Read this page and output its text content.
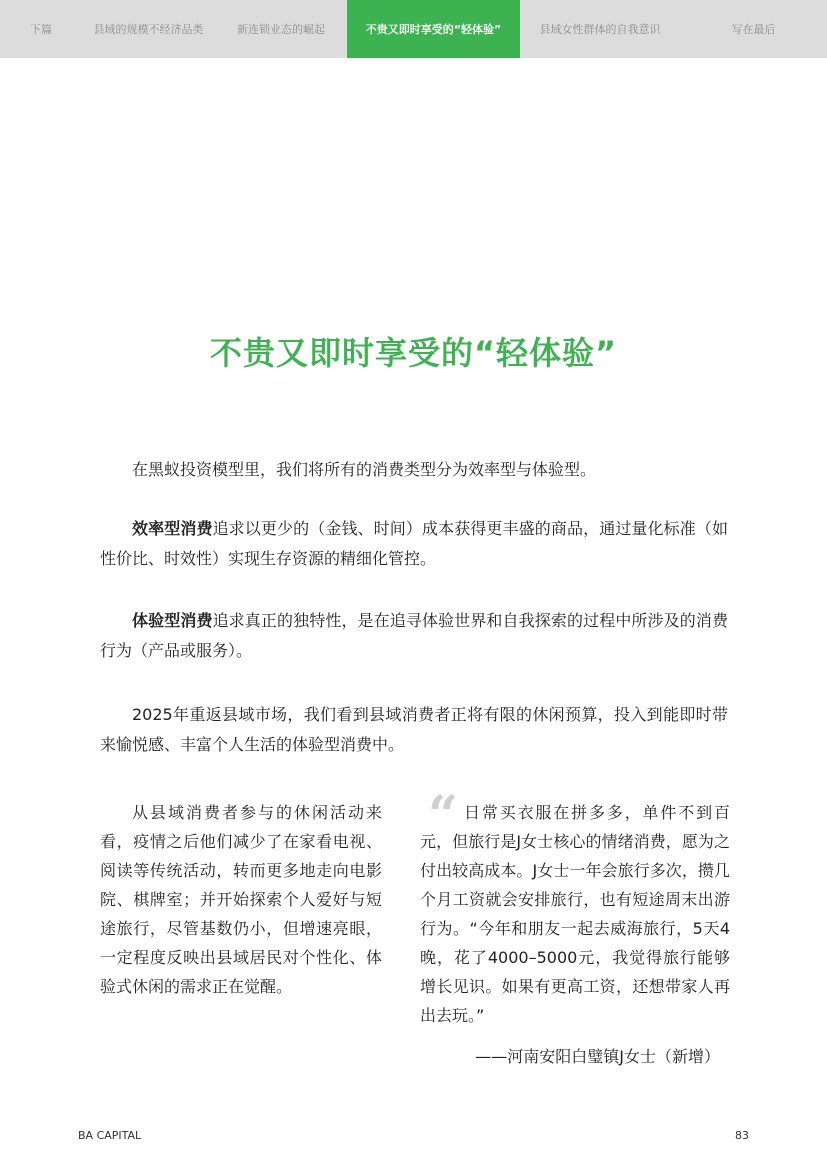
下篇	县域的规模不经济品类	新连锁业态的崛起	不贵又即时享受的“轻体验”	县域女性群体的自我意识	写在最后
不贵又即时享受的“轻体验”

在黑蚁投资模型里，我们将所有的消费类型分为效率型与体验型。

效率型消费追求以更少的（金钱、时间）成本获得更丰盛的商品，通过量化标准（如性价比、时效性）实现生存资源的精细化管控。

体验型消费追求真正的独特性，是在追寻体验世界和自我探索的过程中所涉及的消费行为（产品或服务）。

2025年重返县域市场，我们看到县域消费者正将有限的休闲预算，投入到能即时带来愉悦感、丰富个人生活的体验型消费中。

从县域消费者参与的休闲活动来看，疫情之后他们减少了在家看电视、阅读等传统活动，转而更多地走向电影院、棋牌室；并开始探索个人爱好与短途旅行，尽管基数仍小，但增速亮眼，一定程度反映出县域居民对个性化、体验式休闲的需求正在觉醒。

“ 日常买衣服在拼多多，单件不到百元，但旅行是J女士核心的情绪消费，愿为之付出较高成本。J女士一年会旅行多次，攒几个月工资就会安排旅行，也有短途周末出游行为。“今年和朋友一起去威海旅行，5天4晚，花了4000–5000元，我觉得旅行能够增长见识。如果有更高工资，还想带家人再出去玩。”

——河南安阳白璧镇J女士（新增）
BA CAPITAL	83
